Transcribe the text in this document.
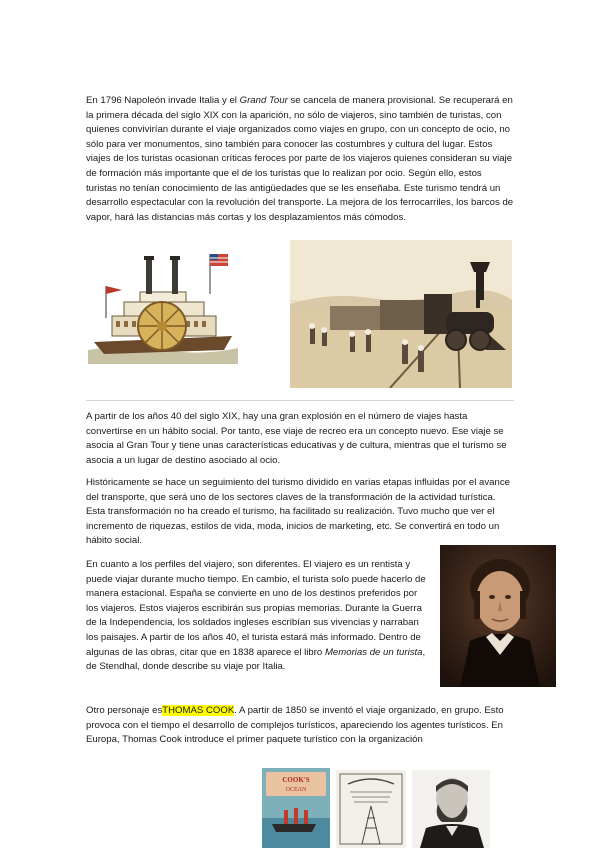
En 1796 Napoleón invade Italia y el Grand Tour se cancela de manera provisional. Se recuperará en la primera década del siglo XIX con la aparición, no sólo de viajeros, sino también de turistas, con quienes convivirían durante el viaje organizados como viajes en grupo, con un concepto de ocio, no sólo para ver monumentos, sino también para conocer las costumbres y cultura del lugar. Estos viajes de los turistas ocasionan críticas feroces por parte de los viajeros quienes consideran su viaje de formación más importante que el de los turistas que lo realizan por ocio. Según ello, estos turistas no tenían conocimiento de las antigüedades que se les enseñaba. Este turismo tendrá un desarrollo espectacular con la revolución del transporte. La mejora de los ferrocarriles, los barcos de vapor, hará las distancias más cortas y los desplazamientos más cómodos.

A partir de los años 40 del siglo XIX, hay una gran explosión en el número de viajes hasta convertirse en un hábito social. Por tanto, ese viaje de recreo era un concepto nuevo. Ese viaje se asocia al Gran Tour y tiene unas características educativas y de cultura, mientras que el turismo se asocia a un lugar de destino asociado al ocio.

Históricamente se hace un seguimiento del turismo dividido en varias etapas influidas por el avance del transporte, que será uno de los sectores claves de la transformación de la actividad turística. Esta transformación no ha creado el turismo, ha facilitado su realización. Tuvo mucho que ver el incremento de riquezas, estilos de vida, moda, inicios de marketing, etc. Se convertirá en todo un hábito social.

En cuanto a los perfiles del viajero, son diferentes. El viajero es un rentista y puede viajar durante mucho tiempo. En cambio, el turista solo puede hacerlo de manera estacional. España se convierte en uno de los destinos preferidos por los viajeros. Estos viajeros escribirán sus propias memorias. Durante la Guerra de la Independencia, los soldados ingleses escribían sus vivencias y narraban los paisajes. A partir de los años 40, el turista estará más informado. Dentro de algunas de las obras, citar que en 1838 aparece el libro Memorias de un turista, de Stendhal, donde describe su viaje por Italia.

Otro personaje esTHOMAS COOK. A partir de 1850 se inventó el viaje organizado, en grupo. Esto provoca con el tiempo el desarrollo de complejos turísticos, apareciendo los agentes turísticos. En Europa, Thomas Cook introduce el primer paquete turístico con la organización

COOK'S
OCEAN
